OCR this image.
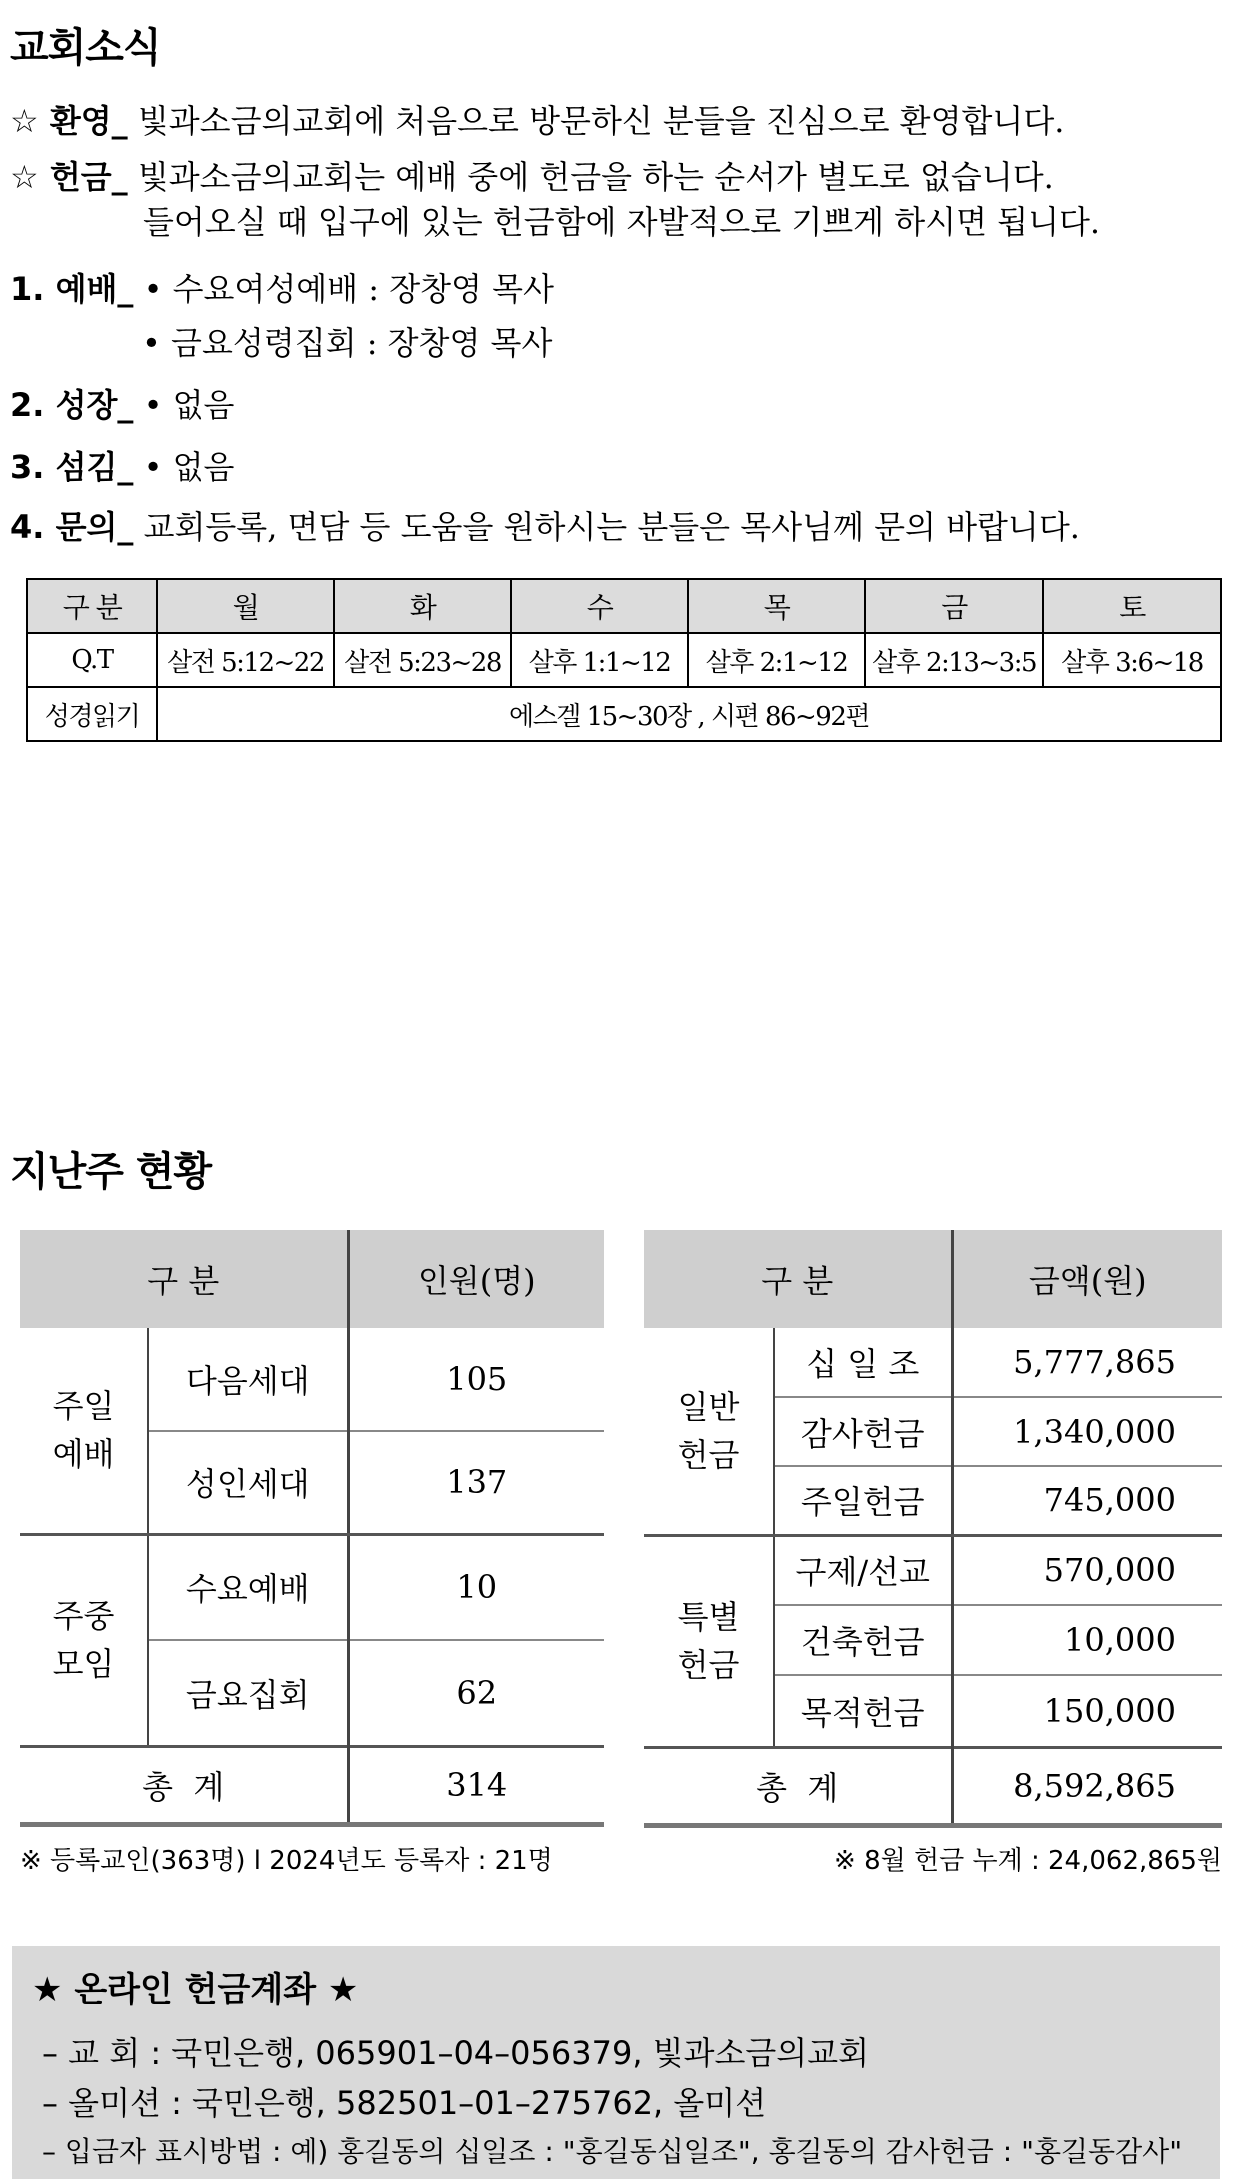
교회소식
☆ 환영_ 빛과소금의교회에 처음으로 방문하신 분들을 진심으로 환영합니다.
☆ 헌금_ 빛과소금의교회는 예배 중에 헌금을 하는 순서가 별도로 없습니다.
들어오실 때 입구에 있는 헌금함에 자발적으로 기쁘게 하시면 됩니다.
1. 예배_ • 수요여성예배 : 장창영 목사
• 금요성령집회 : 장창영 목사
2. 성장_ • 없음
3. 섬김_ • 없음
4. 문의_ 교회등록, 면담 등 도움을 원하시는 분들은 목사님께 문의 바랍니다.
구 분	월	화	수	목	금	토
Q.T	살전 5:12~22	살전 5:23~28	살후 1:1~12	살후 2:1~12	살후 2:13~3:5	살후 3:6~18
성경읽기	에스겔 15~30장 , 시편 86~92편					
지난주 현황
구 분		인원(명)
주일
예배	다음세대	105
	성인세대	137
주중
모임	수요예배	10
	금요집회	62
총  계		314
※ 등록교인(363명) l 2024년도 등록자 : 21명
구 분		금액(원)
일반
헌금	십 일 조	5,777,865
	감사헌금	1,340,000
	주일헌금	745,000
특별
헌금	구제/선교	570,000
	건축헌금	10,000
	목적헌금	150,000
총  계		8,592,865
※ 8월 헌금 누계 : 24,062,865원
★ 온라인 헌금계좌 ★
– 교 회 : 국민은행, 065901–04–056379, 빛과소금의교회
– 올미션 : 국민은행, 582501–01–275762, 올미션
– 입금자 표시방법 : 예) 홍길동의 십일조 : "홍길동십일조", 홍길동의 감사헌금 : "홍길동감사"
